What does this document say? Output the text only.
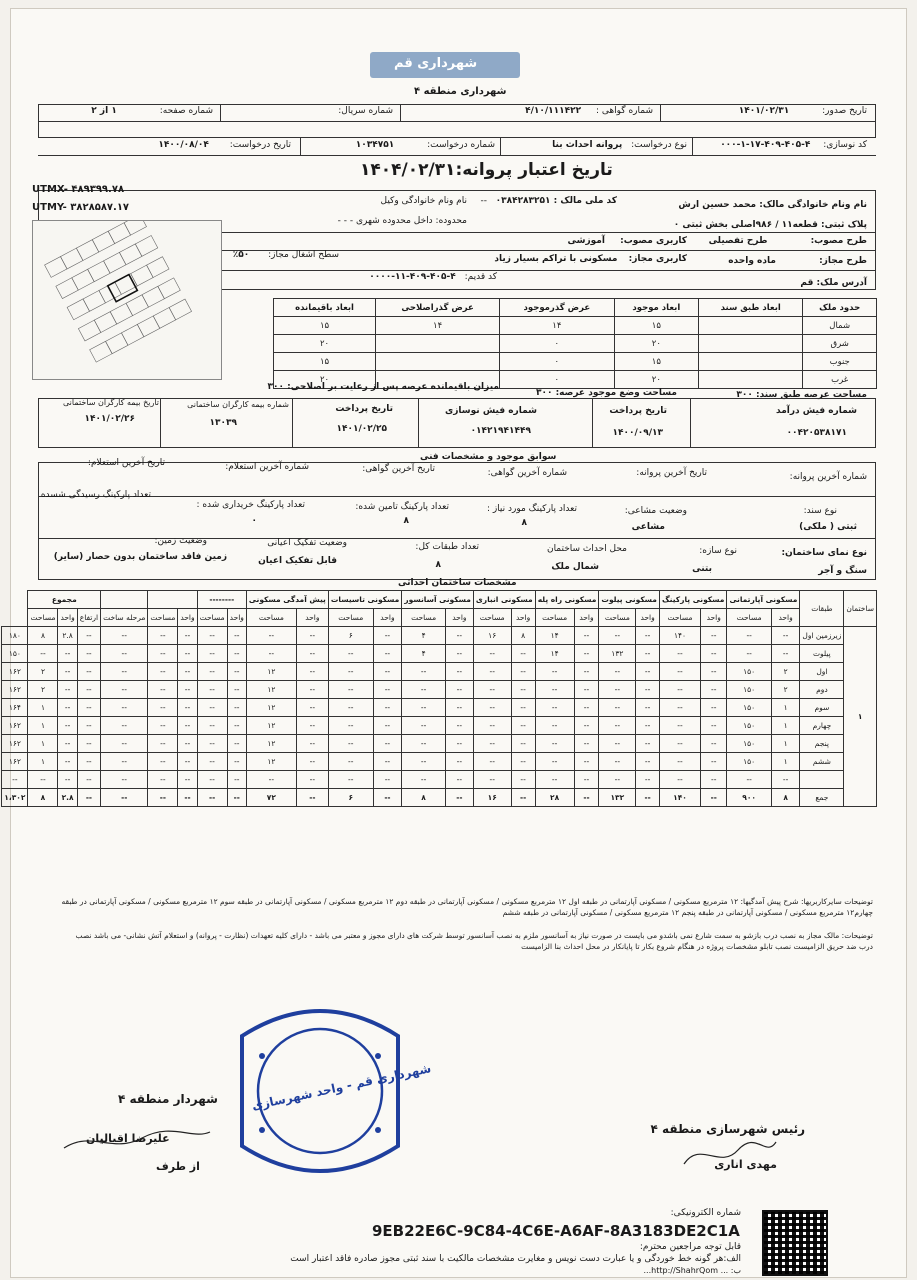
شهرداری قم
شهرداری منطقه ۴
تاریخ صدور: ۱۴۰۱/۰۲/۳۱
شماره گواهی : ۴/۱۰/۱۱۱۴۲۲
شماره سریال:
شماره صفحه: ۱ از ۲
کد نوسازی: ۴-۴۰۵-۴۰۹-۱۷-۱-۰۰۰
نوع درخواست: پروانه احداث بنا
شماره درخواست: ۱۰۳۴۷۵۱
تاریخ درخواست: ۱۴۰۰/۰۸/۰۴
تاریخ اعتبار پروانه:۱۴۰۴/۰۲/۳۱
نام ونام خانوادگی مالک: محمد حسین ارش
کد ملی مالک : ۰۳۸۴۲۸۳۲۵۱
--
نام ونام خانوادگی وکیل
پلاک ثبتی: قطعه۱۱ / ۹۸۶اصلی بخش ثبتی ۰
محدوده: داخل محدوده شهری - - -
طرح مصوب: طرح تفصیلی
کاربری مصوب: آموزشی
طرح مجاز: ماده واحده
کاربری مجاز: مسکونی با تراکم بسیار زیاد
سطح اشغال مجاز: ۵۰٪
آدرس ملک: قم
کد قدیم: ۴-۴۰۵-۴۰۹-۱۱-۰۰۰۰
UTMX- ۴۸۹۳۹۹.۷۸
UTMY- ۳۸۲۸۵۸۷.۱۷
حدود ملک	ابعاد طبق سند	ابعاد موجود	عرض گذرموجود	عرض گذراصلاحی	ابعاد باقیمانده
شمال		۱۵	۱۴	۱۴	۱۵
شرق		۲۰	۰		۲۰
جنوب		۱۵	۰		۱۵
غرب		۲۰	۰		۲۰
مساحت عرصه طبق سند: ۳۰۰
مساحت وضع موجود عرصه: ۳۰۰
میزان باقیمانده عرصه پس از رعایت بر اصلاحی: ۳۰۰
شماره فیش درآمد
۰۰۴۲۰۵۳۸۱۷۱
تاریخ پرداخت
۱۴۰۰/۰۹/۱۳
شماره فیش نوسازی
۰۱۴۲۱۹۴۱۴۴۹
تاریخ پرداخت
۱۴۰۱/۰۲/۲۵
شماره بیمه کارگران ساختمانی
۱۳۰۳۹
تاریخ بیمه کارگران ساختمانی
۱۴۰۱/۰۲/۲۶
سوابق موجود و مشخصات فنی
شماره آخرین پروانه:
تاریخ آخرین پروانه:
شماره آخرین گواهی:
تاریخ آخرین گواهی:
شماره آخرین استعلام:
تاریخ آخرین استعلام:
نوع سند:
ثبتی ( ملکی)
وضعیت مشاعی:
مشاعی
تعداد پارکینگ مورد نیاز :
۸
تعداد پارکینگ تامین شده:
۸
تعداد پارکینگ خریداری شده :
۰
تعداد پارکینگ رسیدگی شسده
نوع نمای ساختمان:
سنگ و آجر
نوع سازه:
بتنی
محل احداث ساختمان
شمال ملک
تعداد طبقات کل:
۸
وضعیت تفکیک اعیانی
قابل تفکیک اعیان
وضعیت زمین:
زمین فاقد ساختمان بدون حصار (سایر)
مشخصات ساختمان احداثی
ساختمان	طبقات	مسکونی آپارتمانی		مسکونی پارکینگ		مسکونی پیلوت		مسکونی راه پله		مسکونی انباری		مسکونی آسانسور		مسکونی تاسیسات		پیش آمدگی مسکونی		--------					مجموع			
		واحد	مساحت	واحد	مساحت	واحد	مساحت	واحد	مساحت	واحد	مساحت	واحد	مساحت	واحد	مساحت	واحد	مساحت	واحد	مساحت	واحد	مساحت	مرحله ساخت	ارتفاع	واحد	مساحت	
۱	زیرزمین اول	--	--	--	۱۴۰	--	--	--	۱۴	۸	۱۶	--	۴	--	۶	--	--	--	--	--	--	--	--	۲.۸	۸	۱۸۰
	پیلوت	--	--	--	--	--	۱۳۲	--	۱۴	--	--	--	۴	--	--	--	--	--	--	--	--	--	--	--	--	۱۵۰
	اول	۲	۱۵۰	--	--	--	--	--	--	--	--	--	--	--	--	--	۱۲	--	--	--	--	--	--	--	۲	۱۶۲
	دوم	۲	۱۵۰	--	--	--	--	--	--	--	--	--	--	--	--	--	۱۲	--	--	--	--	--	--	--	۲	۱۶۲
	سوم	۱	۱۵۰	--	--	--	--	--	--	--	--	--	--	--	--	--	۱۲	--	--	--	--	--	--	--	۱	۱۶۴
	چهارم	۱	۱۵۰	--	--	--	--	--	--	--	--	--	--	--	--	--	۱۲	--	--	--	--	--	--	--	۱	۱۶۲
	پنجم	۱	۱۵۰	--	--	--	--	--	--	--	--	--	--	--	--	--	۱۲	--	--	--	--	--	--	--	۱	۱۶۲
	ششم	۱	۱۵۰	--	--	--	--	--	--	--	--	--	--	--	--	--	۱۲	--	--	--	--	--	--	--	۱	۱۶۲
		--	--	--	--	--	--	--	--	--	--	--	--	--	--	--	--	--	--	--	--	--	--	--	--	--
	جمع	۸	۹۰۰	--	۱۴۰	--	۱۳۲	--	۲۸	--	۱۶	--	۸	--	۶	--	۷۲	--	--	--	--	--	--	۲.۸	۸	۱،۳۰۲
توضیحات سایرکاربریها: شرح پیش آمدگیها: ۱۲ مترمربع مسکونی / مسکونی آپارتمانی در طبقه اول ۱۲ مترمربع مسکونی / مسکونی آپارتمانی در طبقه دوم ۱۲ مترمربع مسکونی / مسکونی آپارتمانی در طبقه سوم ۱۲ مترمربع مسکونی / مسکونی آپارتمانی در طبقه
چهارم۱۲ مترمربع مسکونی / مسکونی آپارتمانی در طبقه پنجم ۱۲ مترمربع مسکونی / مسکونی آپارتمانی در طبقه ششم
توضیحات: مالک مجاز به نصب درب بازشو به سمت شارع نمی باشدو می بایست در صورت نیاز به آسانسور ملزم به نصب آسانسور توسط شرکت های دارای مجوز و معتبر می باشد - دارای کلیه تعهدات (نظارت - پروانه) و استعلام آتش نشانی- می باشد نصب
درب ضد حریق الزامیست نصب تابلو مشخصات پروژه در هنگام شروع بکار تا پایانکار در محل احداث بنا الزامیست
رئیس شهرسازی منطقه ۴
مهدی اناری
شهردار منطقه ۴
علیرضا اقبالیان
از طرف
شهرداری قم - واحد شهرسازی
شماره الکترونیکی:
9EB22E6C-9C84-4C6E-A6AF-8A3183DE2C1A
قابل توجه مراجعین محترم:
الف:هر گونه خط خوردگی و یا عبارت دست نویس و مغایرت مشخصات مالکیت با سند ثبتی مجوز صادره فاقد اعتبار است
ب: ... http://ShahrQom...
